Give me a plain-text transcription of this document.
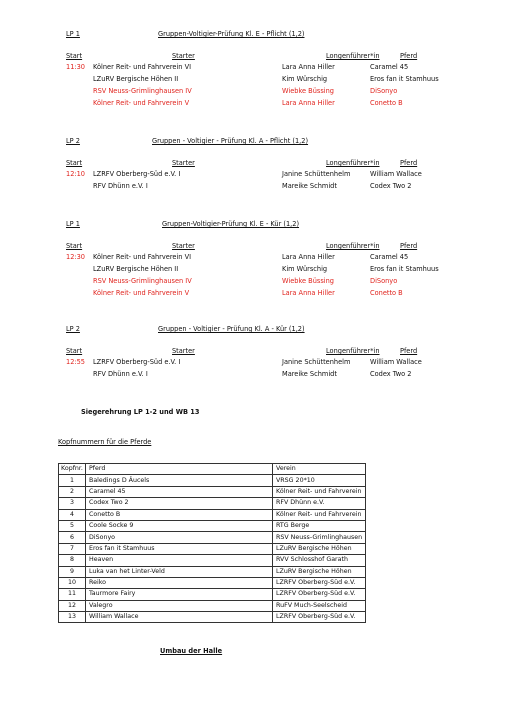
LP 1	Gruppen-Voltigier-Prüfung Kl. E - Pflicht (1,2)
Start	Starter	Longenführer*in	Pferd
11:30 Kölner Reit- und Fahrverein VI	Lara Anna Hiller	Caramel 45
LZuRV Bergische Höhen II	Kim Würschig	Eros fan it Stamhuus
RSV Neuss-Grimlinghausen IV	Wiebke Büssing	DiSonyo
Kölner Reit- und Fahrverein V	Lara Anna Hiller	Conetto B
LP 2	Gruppen - Voltigier - Prüfung Kl. A - Pflicht (1,2)
Start	Starter	Longenführer*in	Pferd
12:10 LZRFV Oberberg-Süd e.V. I	Janine Schüttenhelm	William Wallace
RFV Dhünn e.V. I	Mareike Schmidt	Codex Two 2
LP 1	Gruppen-Voltigier-Prüfung Kl. E - Kür (1,2)
Start	Starter	Longenführer*in	Pferd
12:30 Kölner Reit- und Fahrverein VI	Lara Anna Hiller	Caramel 45
LZuRV Bergische Höhen II	Kim Würschig	Eros fan it Stamhuus
RSV Neuss-Grimlinghausen IV	Wiebke Büssing	DiSonyo
Kölner Reit- und Fahrverein V	Lara Anna Hiller	Conetto B
LP 2	Gruppen - Voltigier - Prüfung Kl. A - Kür (1,2)
Start	Starter	Longenführer*in	Pferd
12:55 LZRFV Oberberg-Süd e.V. I	Janine Schüttenhelm	William Wallace
RFV Dhünn e.V. I	Mareike Schmidt	Codex Two 2
Siegerehrung LP 1-2 und WB 13
Kopfnummern für die Pferde
Kopfnr.	Pferd	Verein
1	Baledings D Âucels	VRSG 20*10
2	Caramel 45	Kölner Reit- und Fahrverein
3	Codex Two 2	RFV Dhünn e.V.
4	Conetto B	Kölner Reit- und Fahrverein
5	Coole Socke 9	RTG Berge
6	DiSonyo	RSV Neuss-Grimlinghausen
7	Eros fan it Stamhuus	LZuRV Bergische Höhen
8	Heaven	RVV Schlosshof Garath
9	Luka van het Linter-Veld	LZuRV Bergische Höhen
10	Reiko	LZRFV Oberberg-Süd e.V.
11	Taurmore Fairy	LZRFV Oberberg-Süd e.V.
12	Valegro	RuFV Much-Seelscheid
13	William Wallace	LZRFV Oberberg-Süd e.V.
Umbau der Halle
